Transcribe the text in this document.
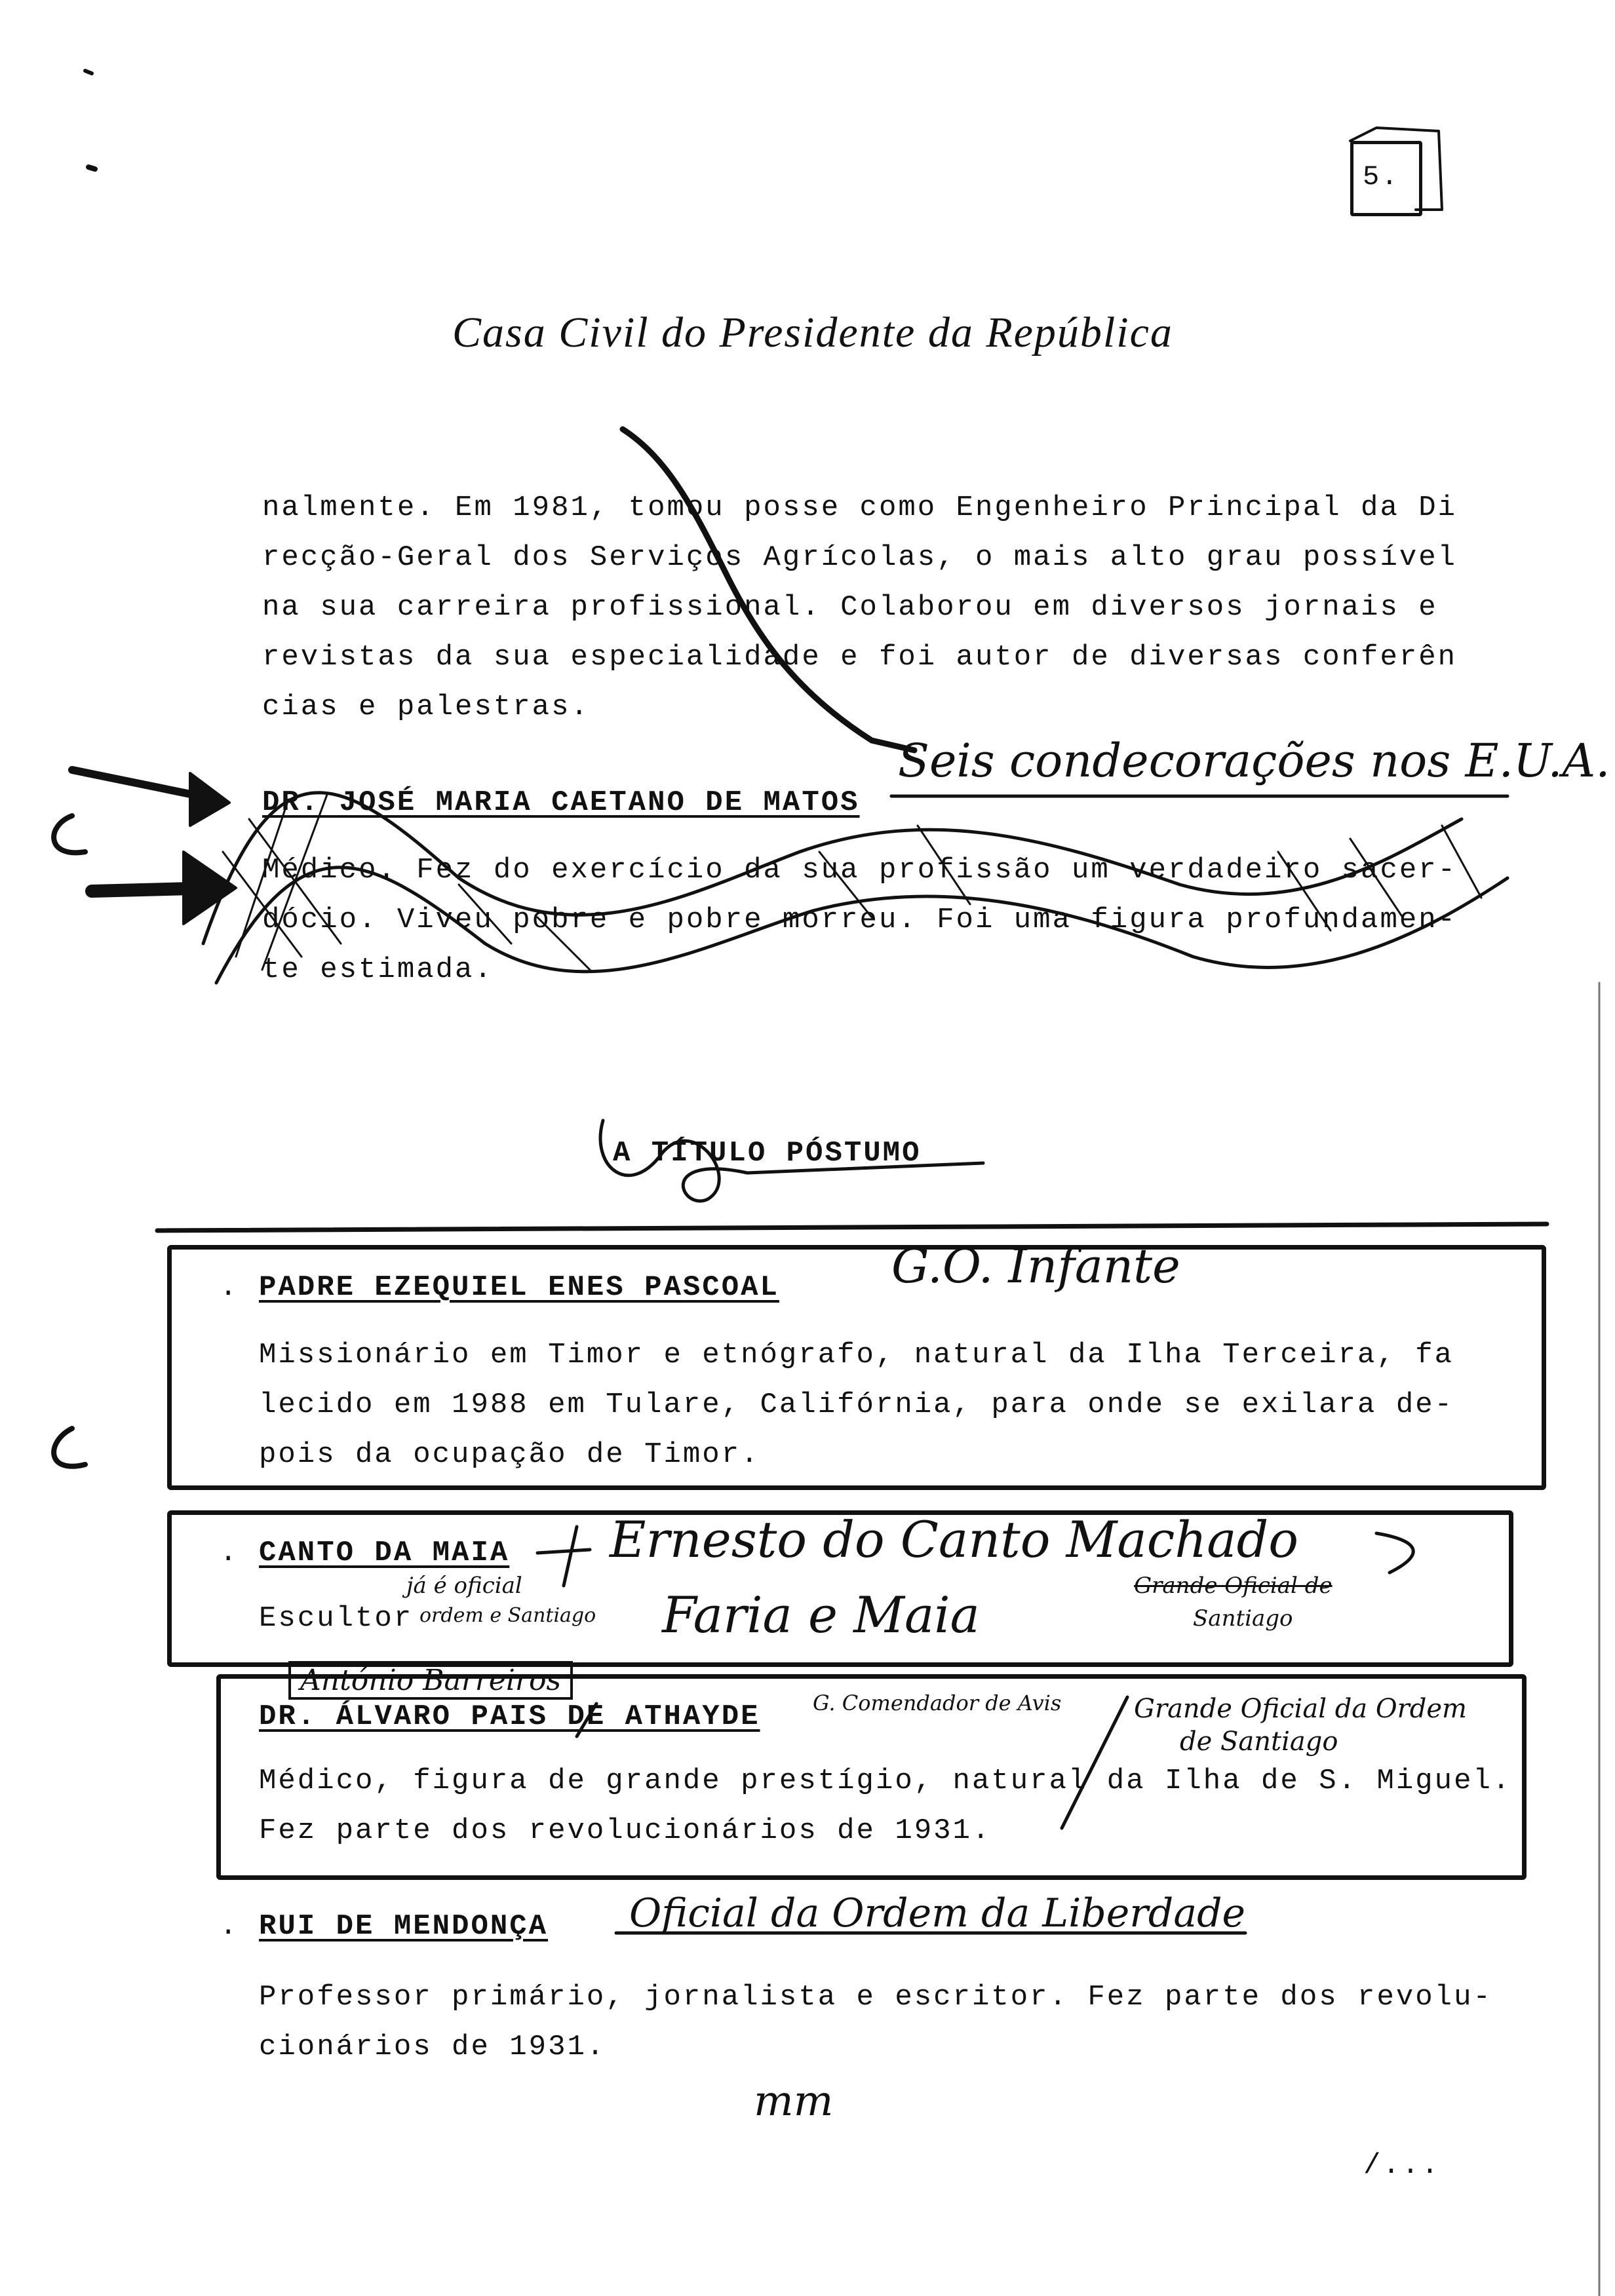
5.
Casa Civil do Presidente da República
nalmente. Em 1981, tomou posse como Engenheiro Principal da Di
recção-Geral dos Serviços Agrícolas, o mais alto grau possível
na sua carreira profissional. Colaborou em diversos jornais e
revistas da sua especialidade e foi autor de diversas conferên
cias e palestras.
DR. JOSÉ MARIA CAETANO DE MATOS
Seis condecorações nos E.U.A.
Médico. Fez do exercício da sua profissão um verdadeiro sacer-
dócio. Viveu pobre e pobre morreu. Foi uma figura profundamen-
te estimada.
A TÍTULO PÓSTUMO
. PADRE EZEQUIEL ENES PASCOAL G.O. Infante
Missionário em Timor e etnógrafo, natural da Ilha Terceira, fa
lecido em 1988 em Tulare, Califórnia, para onde se exilara de-
pois da ocupação de Timor.
. CANTO DA MAIA Ernesto do Canto Machado
Escultor
já é oficial
ordem e Santiago Faria e Maia	Grande Oficial de
Santiago
António Barreiros
DR. ÁLVARO PAIS DE ATHAYDE	G. Comendador de Avis	Grande Oficial da Ordem
de Santiago
Médico, figura de grande prestígio, natural da Ilha de S. Miguel.
Fez parte dos revolucionários de 1931.
. RUI DE MENDONÇA Oficial da Ordem da Liberdade
Professor primário, jornalista e escritor. Fez parte dos revolu-
cionários de 1931.
mm
/...
